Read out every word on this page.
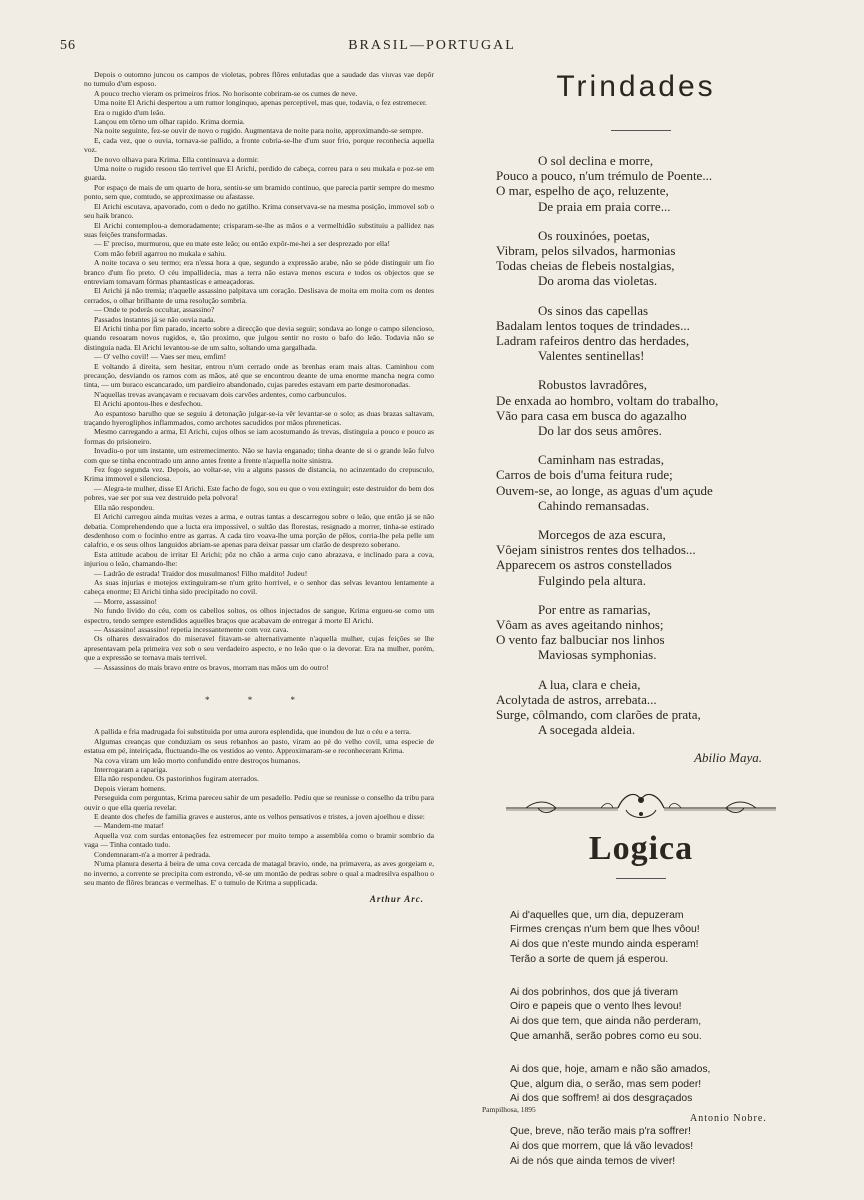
56	BRASIL—PORTUGAL

Depois o outomno juncou os campos de violetas, pobres flôres enlutadas que a saudade das viuvas vae depôr no tumulo d'um esposo.

A pouco trecho vieram os primeiros frios. No horisonte cobriram-se os cumes de neve.

Uma noite El Arichi despertou a um rumor longinquo, apenas perceptivel, mas que, todavia, o fez estremecer.

Era o rugido d'um leão.

Lançou em tôrno um olhar rapido. Krima dormia.

Na noite seguinte, fez-se ouvir de novo o rugido. Augmentava de noite para noite, approximando-se sempre.

E, cada vez, que o ouvia, tornava-se pallido, a fronte cobria-se-lhe d'um suor frio, porque reconhecia aquella voz.

De novo olhava para Krima. Ella continuava a dormir.

Uma noite o rugido resoou tão terrivel que El Arichi, perdido de cabeça, correu para o seu mukala e poz-se em guarda.

Por espaço de mais de um quarto de hora, sentiu-se um bramido continuo, que parecia partir sempre do mesmo ponto, sem que, comtudo, se approximasse ou afastasse.

El Arichi escutava, apavorado, com o dedo no gatilho. Krima conservava-se na mesma posição, immovel sob o seu haik branco.

El Arichi contemplou-a demoradamente; crisparam-se-lhe as mãos e a vermelhidão substituiu a pallidez nas suas feições transformadas.

— E' preciso, murmurou, que eu mate este leão; ou então expôr-me-hei a ser desprezado por ella!

Com mão febril agarrou no mukala e sahiu.

A noite tocava o seu termo; era n'essa hora a que, segundo a expressão arabe, não se póde distinguir um fio branco d'um fio preto. O céu impallidecia, mas a terra não estava menos escura e todos os objectos que se entreviam tomavam fórmas phantasticas e ameaçadoras.

El Arichi já não tremia; n'aquelle assassino palpitava um coração. Deslisava de moita em moita com os dentes cerrados, o olhar brilhante de uma resolução sombria.

— Onde te poderás occultar, assassino?

Passados instantes já se não ouvia nada.

El Arichi tinha por fim parado, incerto sobre a direcção que devia seguir; sondava ao longe o campo silencioso, quando resoaram novos rugidos, e, tão proximo, que julgou sentir no rosto o bafo do leão. Todavia não se distinguia nada. El Arichi levantou-se de um salto, soltando uma gargalhada.

— O' velho covil! — Vaes ser meu, emfim!

E voltando á direita, sem hesitar, entrou n'um cerrado onde as brenhas eram mais altas. Caminhou com precaução, desviando os ramos com as mãos, até que se encontrou deante de uma enorme mancha negra como tinta, — um buraco escancarado, um pardieiro abandonado, cujas paredes estavam em parte desmoronadas.

N'aquellas trevas avançavam e recuavam dois carvões ardentes, como carbunculos.

El Arichi apontou-lhes e desfechou.

Ao espantoso barulho que se seguiu á detonação julgar-se-ia vêr levantar-se o solo; as duas brazas saltavam, traçando hyerogliphos inflammados, como archotes sacudidos por mãos phreneticas.

Mesmo carregando a arma, El Arichi, cujos olhos se iam acostumando ás trevas, distinguia a pouco e pouco as formas do prisioneiro.

Invadiu-o por um instante, um estremecimento. Não se havia enganado; tinha deante de si o grande leão fulvo com que se tinha encontrado um anno antes frente a frente n'aquella noite sinistra.

Fez fogo segunda vez. Depois, ao voltar-se, viu a alguns passos de distancia, no acinzentado do crepusculo, Krima immovel e silenciosa.

— Alegra-te mulher, disse El Arichi. Este facho de fogo, sou eu que o vou extinguir; este destruidor do bem dos pobres, vae ser por sua vez destruido pela polvora!

Ella não respondeu.

El Arichi carregou ainda muitas vezes a arma, e outras tantas a descarregou sobre o leão, que então já se não debatia. Comprehendendo que a lucta era impossivel, o sultão das florestas, resignado a morrer, tinha-se estirado desdenhoso com o focinho entre as garras. A cada tiro voava-lhe uma porção de pêlos, corria-lhe pela pelle um calafrio, e os seus olhos languidos abriam-se apenas para deixar passar um clarão de desprezo soberano.

Esta attitude acabou de irritar El Arichi; pôz no chão a arma cujo cano abrazava, e inclinado para a cova, injuriou o leão, chamando-lhe:

— Ladrão de estrada! Traidor dos musulmanos! Filho maldito! Judeu!

As suas injurias e motejos extinguiram-se n'um grito horrivel, e o senhor das selvas levantou lentamente a cabeça enorme; El Arichi tinha sido precipitado no covil.

— Morre, assassino!

No fundo livido do céu, com os cabellos soltos, os olhos injectados de sangue, Krima ergueu-se como um espectro, tendo sempre estendidos aquelles braços que acabavam de entregar á morte El Arichi.

— Assassino! assassino! repetia incessantemente com voz cava.

Os olhares desvairados do miseravel fitavam-se alternativamente n'aquella mulher, cujas feições se lhe apresentavam pela primeira vez sob o seu verdadeiro aspecto, e no leão que o ia devorar. Era na mulher, porém, que a expressão se tornava mais terrivel.

— Assassinos do mais bravo entre os bravos, morram nas mãos um do outro!

* * *

A pallida e fria madrugada foi substituida por uma aurora esplendida, que inundou de luz o céu e a terra.

Algumas creanças que conduziam os seus rebanhos ao pasto, viram ao pé do velho covil, uma especie de estatua em pé, inteiriçada, fluctuando-lhe os vestidos ao vento. Approximaram-se e reconheceram Krima.

Na cova viram um leão morto confundido entre destroços humanos.

Interrogaram a rapariga.

Ella não respondeu. Os pastorinhos fugiram aterrados.

Depois vieram homens.

Perseguida com perguntas, Krima pareceu sahir de um pesadello. Pediu que se reunisse o conselho da tribu para ouvir o que ella queria revelar.

E deante dos chefes de familia graves e austeros, ante os velhos pensativos e tristes, a joven ajoelhou e disse:

— Mandem-me matar!

Aquella voz com surdas entonações fez estremecer por muito tempo a assembléa como o bramir sombrio da vaga — Tinha contado tudo.

Condemnaram-n'a a morrer á pedrada.

N'uma planura deserta á beira de uma cova cercada de matagal bravio, onde, na primavera, as aves gorgeiam e, no inverno, a corrente se precipita com estrondo, vê-se um montão de pedras sobre o qual a madresilva espalhou o seu manto de flôres brancas e vermelhas. E' o tumulo de Krima a supplicada.

Arthur Arc.
Trindades
O sol declina e morre,
Pouco a pouco, n'um trémulo de Poente...
O mar, espelho de aço, reluzente,
De praia em praia corre...
Os rouxinóes, poetas,
Vibram, pelos silvados, harmonias
Todas cheias de flebeis nostalgias,
Do aroma das violetas.
Os sinos das capellas
Badalam lentos toques de trindades...
Ladram rafeiros dentro das herdades,
Valentes sentinellas!
Robustos lavradôres,
De enxada ao hombro, voltam do trabalho,
Vão para casa em busca do agazalho
Do lar dos seus amôres.
Caminham nas estradas,
Carros de bois d'uma feitura rude;
Ouvem-se, ao longe, as aguas d'um açude
Cahindo remansadas.
Morcegos de aza escura,
Vôejam sinistros rentes dos telhados...
Apparecem os astros constellados
Fulgindo pela altura.
Por entre as ramarias,
Vôam as aves ageitando ninhos;
O vento faz balbuciar nos linhos
Maviosas symphonias.
A lua, clara e cheia,
Acolytada de astros, arrebata...
Surge, côlmando, com clarões de prata,
A socegada aldeia.
Abilio Maya.
Logica
Ai d'aquelles que, um dia, depuzeram
Firmes crenças n'um bem que lhes vôou!
Ai dos que n'este mundo ainda esperam!
Terão a sorte de quem já esperou.
Ai dos pobrinhos, dos que já tiveram
Oiro e papeis que o vento lhes levou!
Ai dos que tem, que ainda não perderam,
Que amanhã, serão pobres como eu sou.
Ai dos que, hoje, amam e não são amados,
Que, algum dia, o serão, mas sem poder!
Ai dos que soffrem! ai dos desgraçados
Que, breve, não terão mais p'ra soffrer!
Ai dos que morrem, que lá vão levados!
Ai de nós que ainda temos de viver!
Pampilhosa, 1895
Antonio Nobre.
